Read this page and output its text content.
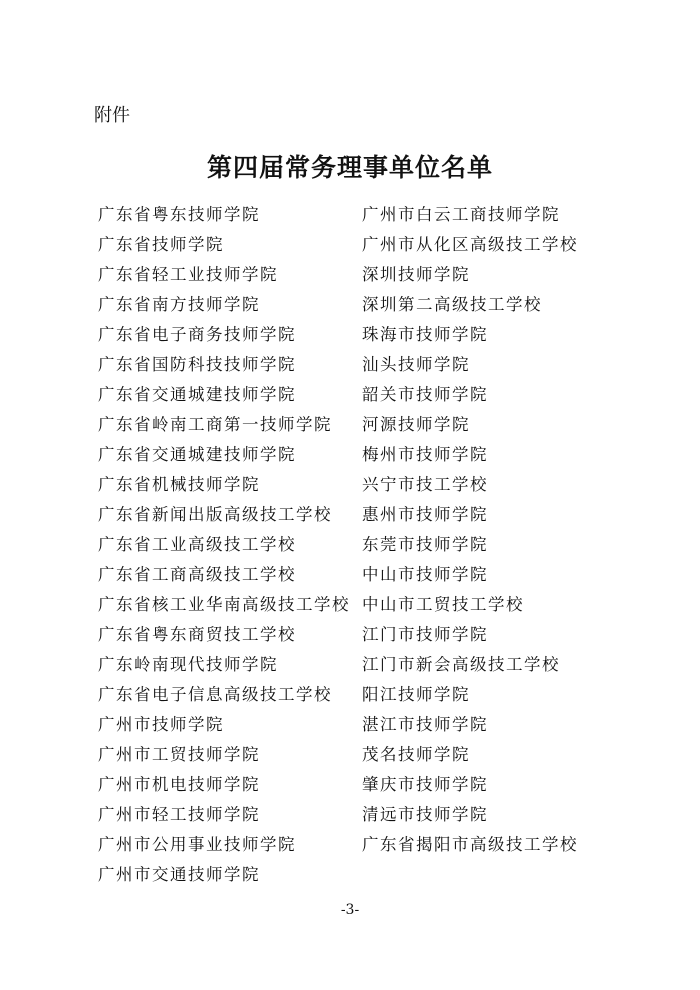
附件
第四届常务理事单位名单
广东省粤东技师学院
广东省技师学院
广东省轻工业技师学院
广东省南方技师学院
广东省电子商务技师学院
广东省国防科技技师学院
广东省交通城建技师学院
广东省岭南工商第一技师学院
广东省交通城建技师学院
广东省机械技师学院
广东省新闻出版高级技工学校
广东省工业高级技工学校
广东省工商高级技工学校
广东省核工业华南高级技工学校
广东省粤东商贸技工学校
广东岭南现代技师学院
广东省电子信息高级技工学校
广州市技师学院
广州市工贸技师学院
广州市机电技师学院
广州市轻工技师学院
广州市公用事业技师学院
广州市交通技师学院
广州市白云工商技师学院
广州市从化区高级技工学校
深圳技师学院
深圳第二高级技工学校
珠海市技师学院
汕头技师学院
韶关市技师学院
河源技师学院
梅州市技师学院
兴宁市技工学校
惠州市技师学院
东莞市技师学院
中山市技师学院
中山市工贸技工学校
江门市技师学院
江门市新会高级技工学校
阳江技师学院
湛江市技师学院
茂名技师学院
肇庆市技师学院
清远市技师学院
广东省揭阳市高级技工学校
-3-
